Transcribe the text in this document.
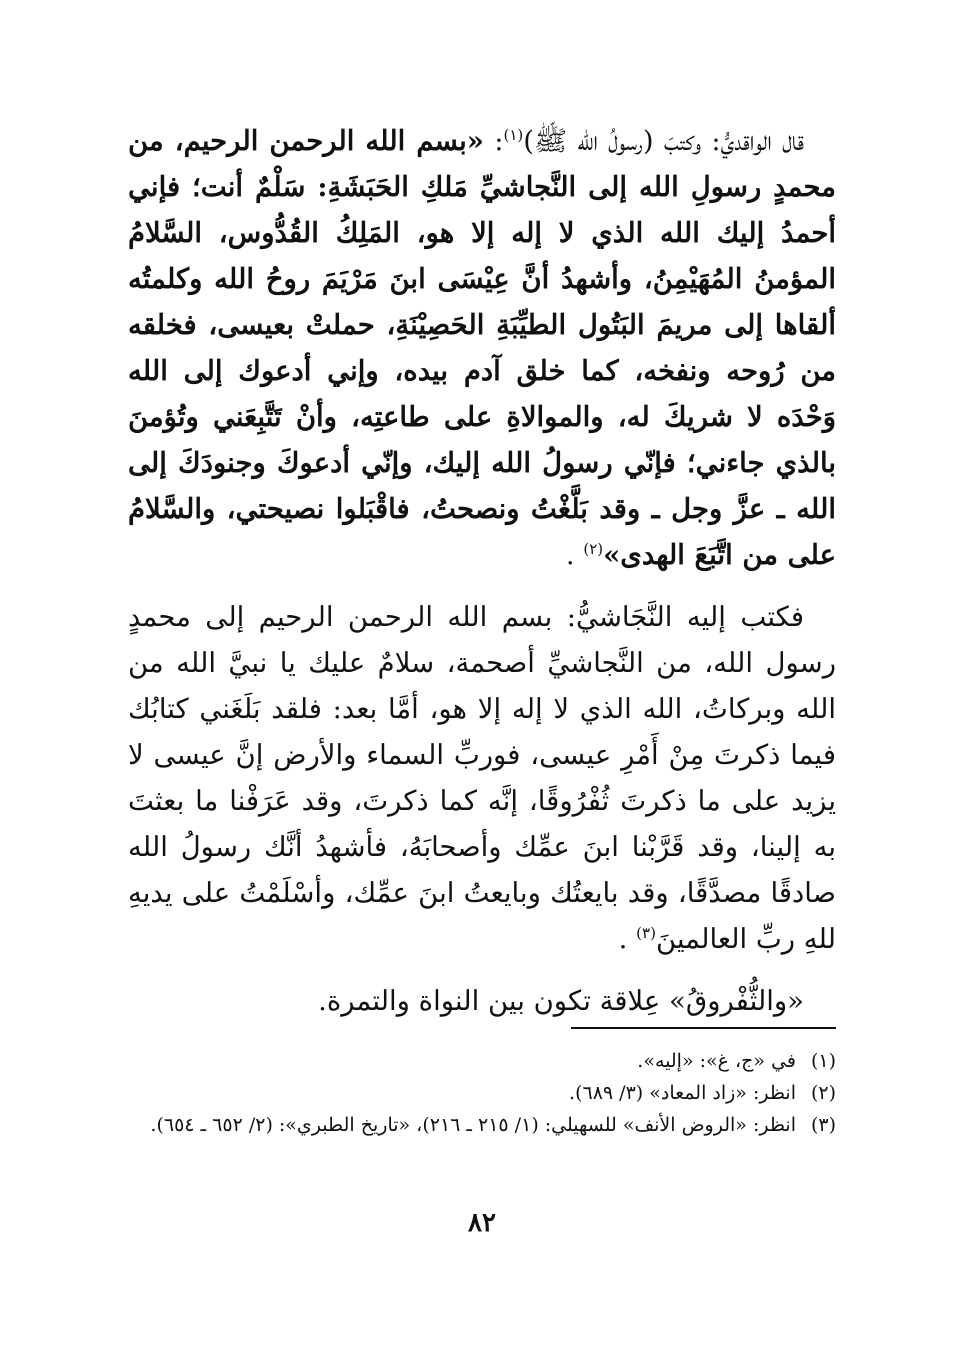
قال الواقديُّ: وكتبَ (رسولُ الله ﷺ)$^{(١)}$: «بسم الله الرحمن الرحيم، من محمدٍ رسولِ الله إلى النَّجاشيِّ مَلكِ الحَبَشَةِ: سَلْمٌ أنت؛ فإني أحمدُ إليك الله الذي لا إله إلا هو، المَلِكُ القُدُّوس، السَّلامُ المؤمنُ المُهَيْمِنُ، وأشهدُ أنَّ عِيْسَى ابنَ مَرْيَمَ روحُ الله وكلمتُه ألقاها إلى مريمَ البَتُول الطيِّبَةِ الحَصِيْنَةِ، حملتْ بعيسى، فخلقه من رُوحه ونفخه، كما خلق آدم بيده، وإني أدعوك إلى الله وَحْدَه لا شريكَ له، والموالاةِ على طاعتِه، وأنْ تَتَّبِعَني وتُؤمنَ بالذي جاءني؛ فإنّي رسولُ الله إليك، وإنّي أدعوكَ وجنودَكَ إلى الله ـ عزَّ وجل ـ وقد بَلَّغْتُ ونصحتُ، فاقْبَلوا نصيحتي، والسَّلامُ على من اتَّبَعَ الهدى»$^{(٢)}$ .

فكتب إليه النَّجَاشيُّ: بسم الله الرحمن الرحيم إلى محمدٍ رسول الله، من النَّجاشيِّ أصحمة، سلامٌ عليك يا نبيَّ الله من الله وبركاتُ، الله الذي لا إله إلا هو، أمَّا بعد: فلقد بَلَغَني كتابُك فيما ذكرتَ مِنْ أَمْرِ عيسى، فوربِّ السماء والأرض إنَّ عيسى لا يزيد على ما ذكرتَ ثُفْرُوقًا، إنَّه كما ذكرتَ، وقد عَرَفْنا ما بعثتَ به إلينا، وقد قَرَّبْنا ابنَ عمِّك وأصحابَهُ، فأشهدُ أنَّك رسولُ الله صادقًا مصدَّقًا، وقد بايعتُك وبايعتُ ابنَ عمِّك، وأسْلَمْتُ على يديهِ للهِ ربِّ العالمينَ$^{(٣)}$ .

«والثُّفْروقُ» عِلاقة تكون بين النواة والتمرة.

(١)
في «ج، غ»: «إليه».
(٢)
انظر: «زاد المعاد» (٣/ ٦٨٩).
(٣)
انظر: «الروض الأنف» للسهيلي: (١/ ٢١٥ ـ ٢١٦)، «تاريخ الطبري»: (٢/ ٦٥٢ ـ ٦٥٤).
٨٢
